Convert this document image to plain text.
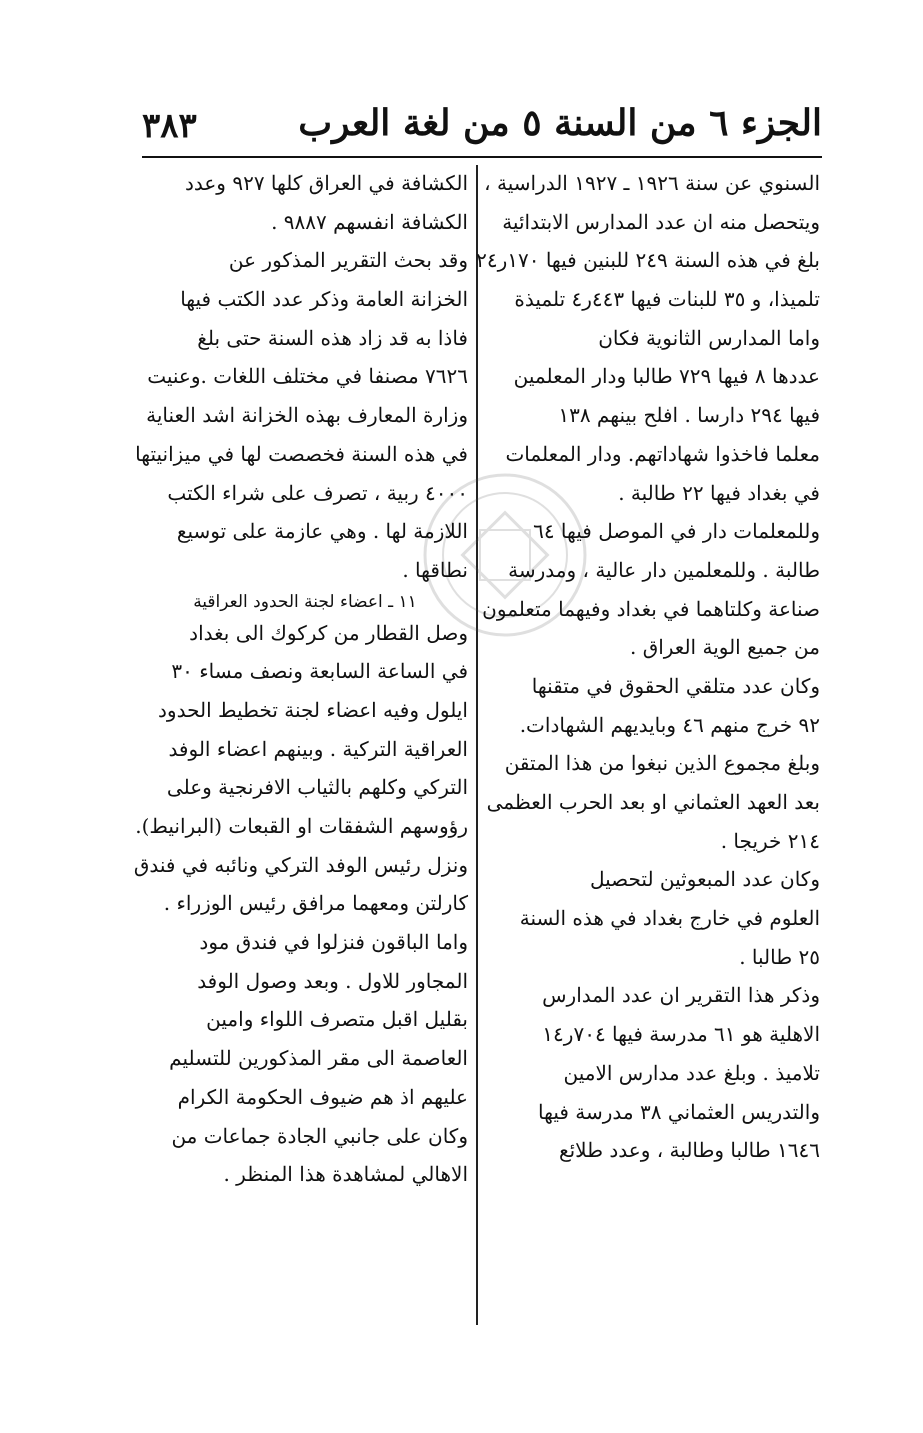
٣٨٣	الجزء ٦ من السنة ٥ من لغة العرب
السنوي عن سنة ١٩٢٦ ـ ١٩٢٧ الدراسية ،
ويتحصل منه ان عدد المدارس الابتدائية
بلغ في هذه السنة ٢٤٩ للبنين فيها ١٧٠ر٢٤
تلميذا، و ٣٥ للبنات فيها ٤٤٣ر٤ تلميذة
واما المدارس الثانوية فكان
عددها ٨ فيها ٧٢٩ طالبا ودار المعلمين
فيها ٢٩٤ دارسا . افلح بينهم ١٣٨
معلما فاخذوا شهاداتهم. ودار المعلمات
في بغداد فيها ٢٢ طالبة .
وللمعلمات دار في الموصل فيها ٦٤
طالبة . وللمعلمين دار عالية ، ومدرسة
صناعة وكلتاهما في بغداد وفيهما متعلمون
من جميع الوية العراق .
وكان عدد متلقي الحقوق في متقنها
٩٢ خرج منهم ٤٦ وبايديهم الشهادات.
وبلغ مجموع الذين نبغوا من هذا المتقن
بعد العهد العثماني او بعد الحرب العظمى
٢١٤ خريجا .
وكان عدد المبعوثين لتحصيل
العلوم في خارج بغداد في هذه السنة
٢٥ طالبا .
وذكر هذا التقرير ان عدد المدارس
الاهلية هو ٦١ مدرسة فيها ٧٠٤ر١٤
تلاميذ . وبلغ عدد مدارس الامين
والتدريس العثماني ٣٨ مدرسة فيها
١٦٤٦ طالبا وطالبة ، وعدد طلائع
الكشافة في العراق كلها ٩٢٧ وعدد
الكشافة انفسهم ٩٨٨٧ .
وقد بحث التقرير المذكور عن
الخزانة العامة وذكر عدد الكتب فيها
فاذا به قد زاد هذه السنة حتى بلغ
٧٦٢٦ مصنفا في مختلف اللغات .وعنيت
وزارة المعارف بهذه الخزانة اشد العناية
في هذه السنة فخصصت لها في ميزانيتها
٤٠٠٠ ربية ، تصرف على شراء الكتب
اللازمة لها . وهي عازمة على توسيع
نطاقها .
١١ ـ اعضاء لجنة الحدود العراقية
وصل القطار من كركوك الى بغداد
في الساعة السابعة ونصف مساء ٣٠
ايلول وفيه اعضاء لجنة تخطيط الحدود
العراقية التركية . وبينهم اعضاء الوفد
التركي وكلهم بالثياب الافرنجية وعلى
رؤوسهم الشفقات او القبعات (البرانيط).
ونزل رئيس الوفد التركي ونائبه في فندق
كارلتن ومعهما مرافق رئيس الوزراء .
واما الباقون فنزلوا في فندق مود
المجاور للاول . وبعد وصول الوفد
بقليل اقبل متصرف اللواء وامين
العاصمة الى مقر المذكورين للتسليم
عليهم اذ هم ضيوف الحكومة الكرام
وكان على جانبي الجادة جماعات من
الاهالي لمشاهدة هذا المنظر .
